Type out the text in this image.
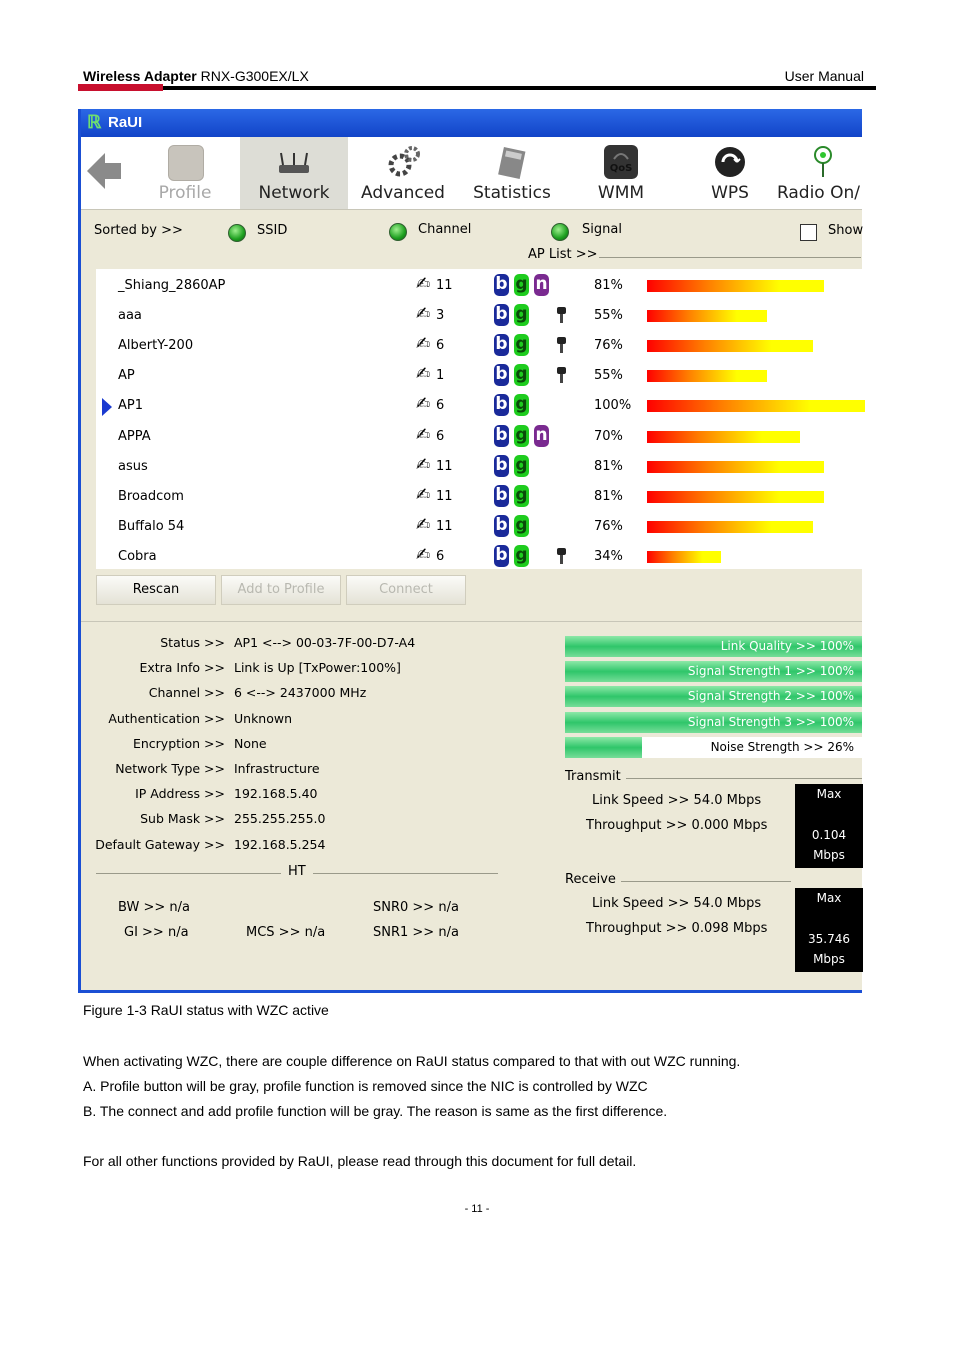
Wireless Adapter RNX-G300EX/LX	User Manual
ℝ RaUI
Profile	Network	Advanced	Statistics
QoS
WMM	WPS	Radio On/
Sorted by >>	SSID	Channel	Signal	Show
AP List >>
_Shiang_2860AP	✍ 11	b g n	81%
aaa	✍ 3	b g	55%
AlbertY-200	✍ 6	b g	76%
AP	✍ 1	b g	55%
AP1	✍ 6	b g	100%
APPA	✍ 6	b g n	70%
asus	✍ 11	b g	81%
Broadcom	✍ 11	b g	81%
Buffalo 54	✍ 11	b g	76%
Cobra	✍ 6	b g	34%
Rescan	Add to Profile	Connect
Status >> AP1 <--> 00-03-7F-00-D7-A4
Extra Info >> Link is Up [TxPower:100%]
Channel >> 6 <--> 2437000 MHz
Authentication >> Unknown
Encryption >> None
Network Type >> Infrastructure
IP Address >> 192.168.5.40
Sub Mask >> 255.255.255.0
Default Gateway >> 192.168.5.254
HT
BW >> n/a
GI >> n/a	MCS >> n/a
SNR0 >> n/a
SNR1 >> n/a
Link Quality >> 100%
Signal Strength 1 >> 100%
Signal Strength 2 >> 100%
Signal Strength 3 >> 100%
Noise Strength >> 26%
Transmit
Link Speed >> 54.0 Mbps
Throughput >> 0.000 Mbps
Max
0.104
Mbps
Receive
Link Speed >> 54.0 Mbps
Throughput >> 0.098 Mbps
Max
35.746
Mbps
Figure 1-3 RaUI status with WZC active
When activating WZC, there are couple difference on RaUI status compared to that with out WZC running.
A. Profile button will be gray, profile function is removed since the NIC is controlled by WZC
B. The connect and add profile function will be gray. The reason is same as the first difference.
For all other functions provided by RaUI, please read through this document for full detail.
- 11 -
